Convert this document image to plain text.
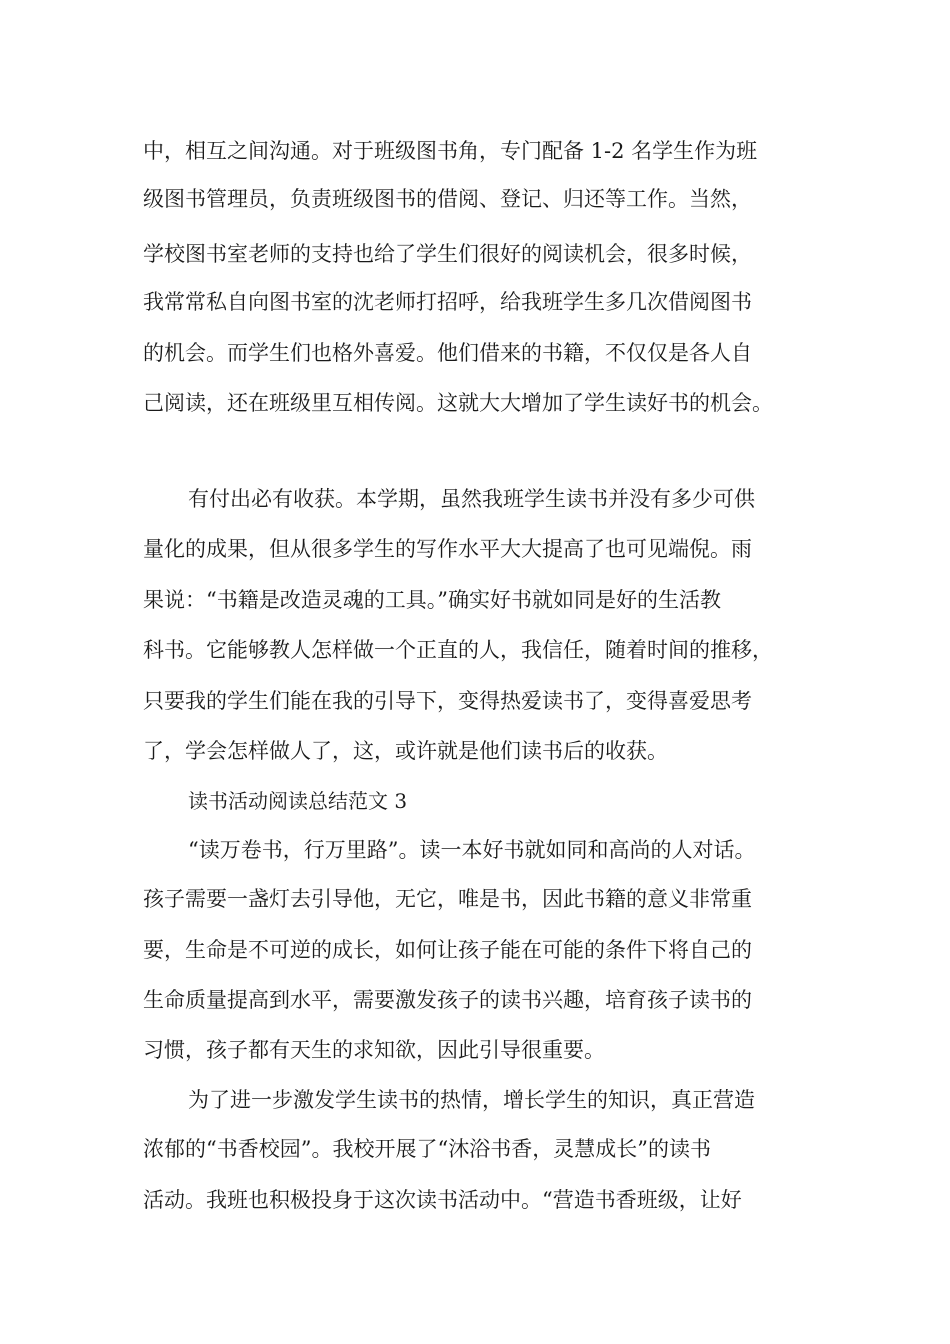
中，相互之间沟通。对于班级图书角，专门配备 1-2 名学生作为班
级图书管理员，负责班级图书的借阅、登记、归还等工作。当然，
学校图书室老师的支持也给了学生们很好的阅读机会，很多时候，
我常常私自向图书室的沈老师打招呼，给我班学生多几次借阅图书
的机会。而学生们也格外喜爱。他们借来的书籍，不仅仅是各人自
己阅读，还在班级里互相传阅。这就大大增加了学生读好书的机会。
有付出必有收获。本学期，虽然我班学生读书并没有多少可供
量化的成果，但从很多学生的写作水平大大提高了也可见端倪。雨
果说：“书籍是改造灵魂的工具。”确实好书就如同是好的生活教
科书。它能够教人怎样做一个正直的人，我信任，随着时间的推移，
只要我的学生们能在我的引导下，变得热爱读书了，变得喜爱思考
了，学会怎样做人了，这，或许就是他们读书后的收获。
读书活动阅读总结范文 3
“读万卷书，行万里路”。读一本好书就如同和高尚的人对话。
孩子需要一盏灯去引导他，无它，唯是书，因此书籍的意义非常重
要，生命是不可逆的成长，如何让孩子能在可能的条件下将自己的
生命质量提高到水平，需要激发孩子的读书兴趣，培育孩子读书的
习惯，孩子都有天生的求知欲，因此引导很重要。
为了进一步激发学生读书的热情，增长学生的知识，真正营造
浓郁的“书香校园”。我校开展了“沐浴书香，灵慧成长”的读书
活动。我班也积极投身于这次读书活动中。“营造书香班级，让好
